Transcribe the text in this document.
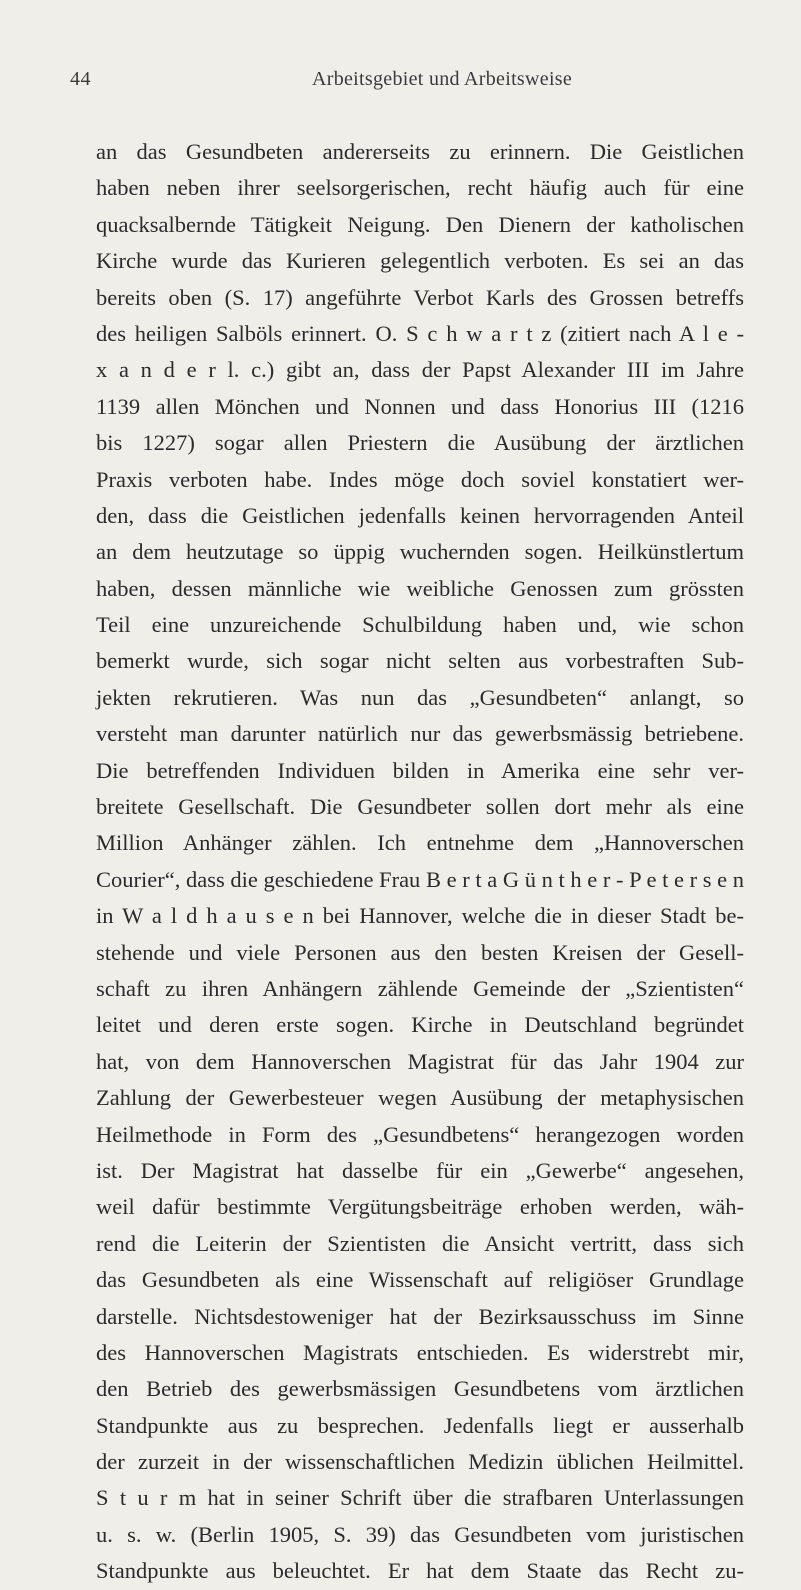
44	Arbeitsgebiet und Arbeitsweise
an das Gesundbeten andererseits zu erinnern. Die Geistlichen
haben neben ihrer seelsorgerischen, recht häufig auch für eine
quacksalbernde Tätigkeit Neigung. Den Dienern der katholischen
Kirche wurde das Kurieren gelegentlich verboten. Es sei an das
bereits oben (S. 17) angeführte Verbot Karls des Grossen betreffs
des heiligen Salböls erinnert. O. S c h w a r t z (zitiert nach A l e -
x a n d e r l. c.) gibt an, dass der Papst Alexander III im Jahre
1139 allen Mönchen und Nonnen und dass Honorius III (1216
bis 1227) sogar allen Priestern die Ausübung der ärztlichen
Praxis verboten habe. Indes möge doch soviel konstatiert wer-
den, dass die Geistlichen jedenfalls keinen hervorragenden Anteil
an dem heutzutage so üppig wuchernden sogen. Heilkünstlertum
haben, dessen männliche wie weibliche Genossen zum grössten
Teil eine unzureichende Schulbildung haben und, wie schon
bemerkt wurde, sich sogar nicht selten aus vorbestraften Sub-
jekten rekrutieren. Was nun das „Gesundbeten“ anlangt, so
versteht man darunter natürlich nur das gewerbsmässig betriebene.
Die betreffenden Individuen bilden in Amerika eine sehr ver-
breitete Gesellschaft. Die Gesundbeter sollen dort mehr als eine
Million Anhänger zählen. Ich entnehme dem „Hannoverschen
Courier“, dass die geschiedene Frau B e r t a G ü n t h e r - P e t e r s e n
in W a l d h a u s e n bei Hannover, welche die in dieser Stadt be-
stehende und viele Personen aus den besten Kreisen der Gesell-
schaft zu ihren Anhängern zählende Gemeinde der „Szientisten“
leitet und deren erste sogen. Kirche in Deutschland begründet
hat, von dem Hannoverschen Magistrat für das Jahr 1904 zur
Zahlung der Gewerbesteuer wegen Ausübung der metaphysischen
Heilmethode in Form des „Gesundbetens“ herangezogen worden
ist. Der Magistrat hat dasselbe für ein „Gewerbe“ angesehen,
weil dafür bestimmte Vergütungsbeiträge erhoben werden, wäh-
rend die Leiterin der Szientisten die Ansicht vertritt, dass sich
das Gesundbeten als eine Wissenschaft auf religiöser Grundlage
darstelle. Nichtsdestoweniger hat der Bezirksausschuss im Sinne
des Hannoverschen Magistrats entschieden. Es widerstrebt mir,
den Betrieb des gewerbsmässigen Gesundbetens vom ärztlichen
Standpunkte aus zu besprechen. Jedenfalls liegt er ausserhalb
der zurzeit in der wissenschaftlichen Medizin üblichen Heilmittel.
S t u r m hat in seiner Schrift über die strafbaren Unterlassungen
u. s. w. (Berlin 1905, S. 39) das Gesundbeten vom juristischen
Standpunkte aus beleuchtet. Er hat dem Staate das Recht zu-
